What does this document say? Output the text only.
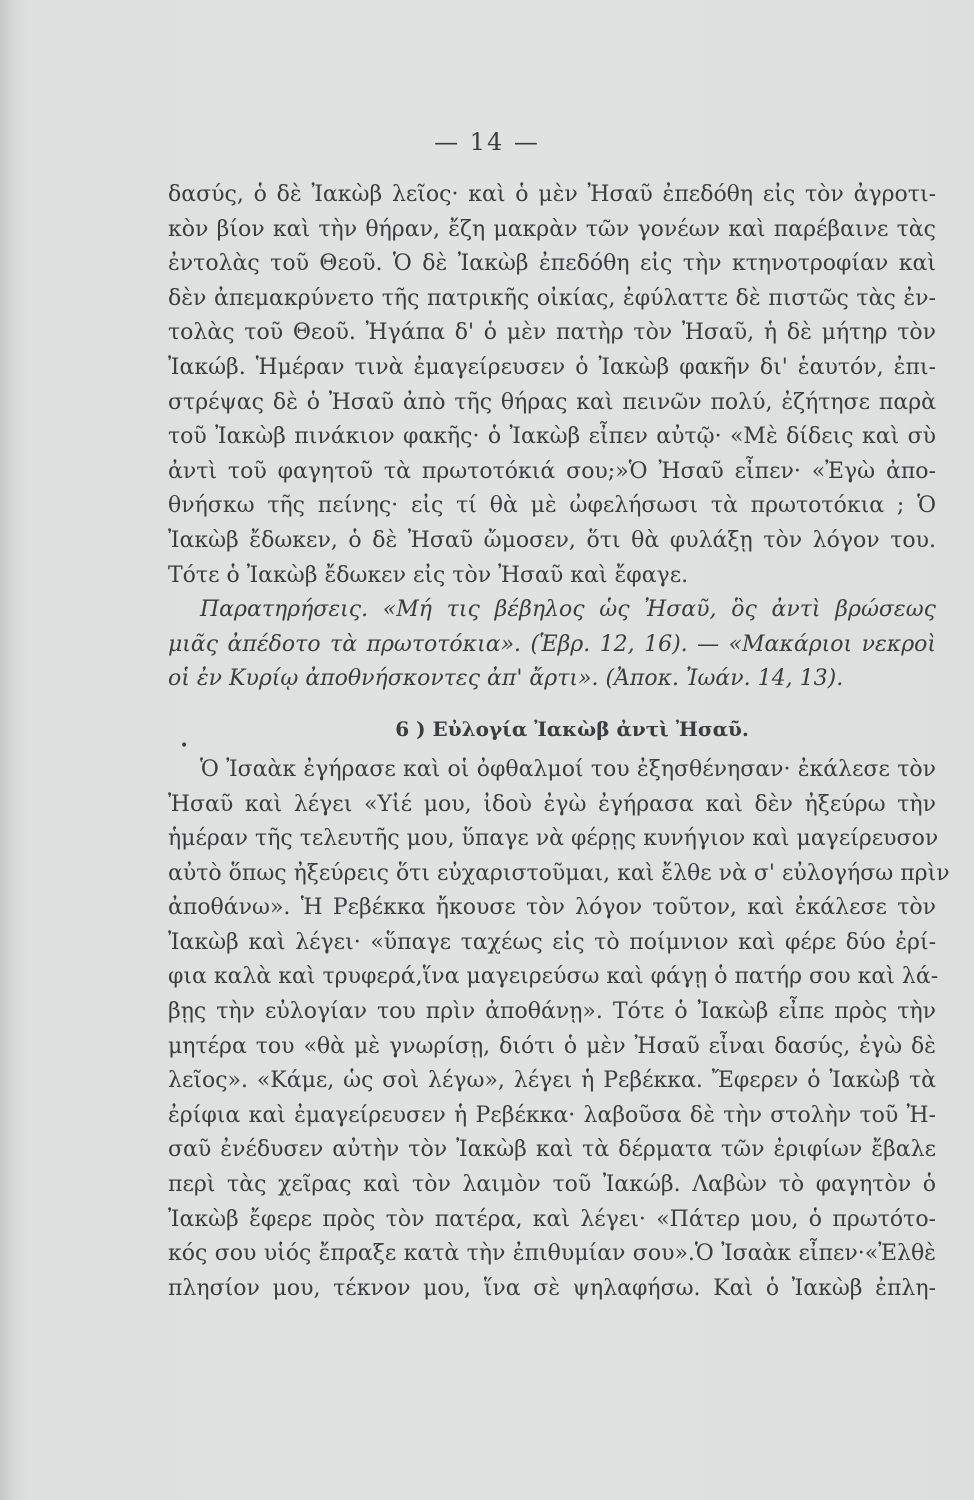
— 14 —
•
δασύς, ὁ δὲ Ἰακὼβ λεῖος· καὶ ὁ μὲν Ἠσαῦ ἐπεδόθη εἰς τὸν ἀγροτι-
κὸν βίον καὶ τὴν θήραν, ἔζη μακρὰν τῶν γονέων καὶ παρέβαινε τὰς
ἐντολὰς τοῦ Θεοῦ. Ὁ δὲ Ἰακὼβ ἐπεδόθη εἰς τὴν κτηνοτροφίαν καὶ
δὲν ἀπεμακρύνετο τῆς πατρικῆς οἰκίας, ἐφύλαττε δὲ πιστῶς τὰς ἐν-
τολὰς τοῦ Θεοῦ. Ἠγάπα δ' ὁ μὲν πατὴρ τὸν Ἠσαῦ, ἡ δὲ μήτηρ τὸν
Ἰακώβ. Ἡμέραν τινὰ ἐμαγείρευσεν ὁ Ἰακὼβ φακῆν δι' ἑαυτόν, ἐπι-
στρέψας δὲ ὁ Ἠσαῦ ἀπὸ τῆς θήρας καὶ πεινῶν πολύ, ἐζήτησε παρὰ
τοῦ Ἰακὼβ πινάκιον φακῆς· ὁ Ἰακὼβ εἶπεν αὐτῷ· «Μὲ δίδεις καὶ σὺ
ἀντὶ τοῦ φαγητοῦ τὰ πρωτοτόκιά σου;»Ὁ Ἠσαῦ εἶπεν· «Ἐγὼ ἀπο-
θνήσκω τῆς πείνης· εἰς τί θὰ μὲ ὠφελήσωσι τὰ πρωτοτόκια ; Ὁ
Ἰακὼβ ἔδωκεν, ὁ δὲ Ἠσαῦ ὤμοσεν, ὅτι θὰ φυλάξῃ τὸν λόγον του.
Τότε ὁ Ἰακὼβ ἔδωκεν εἰς τὸν Ἠσαῦ καὶ ἔφαγε.
Παρατηρήσεις. «Μή τις βέβηλος ὡς Ἠσαῦ, ὃς ἀντὶ βρώσεως
μιᾶς ἀπέδοτο τὰ πρωτοτόκια». (Ἑβρ. 12, 16). — «Μακάριοι νεκροὶ
οἱ ἐν Κυρίῳ ἀποθνήσκοντες ἀπ' ἄρτι». (Ἀποκ. Ἰωάν. 14, 13).
6 ) Εὐλογία Ἰακὼβ ἀντὶ Ἠσαῦ.
Ὁ Ἰσαὰκ ἐγήρασε καὶ οἱ ὀφθαλμοί του ἐξησθένησαν· ἐκάλεσε τὸν
Ἠσαῦ καὶ λέγει «Υἱέ μου, ἰδοὺ ἐγὼ ἐγήρασα καὶ δὲν ἠξεύρω τὴν
ἡμέραν τῆς τελευτῆς μου, ὕπαγε νὰ φέρῃς κυνήγιον καὶ μαγείρευσον
αὐτὸ ὅπως ἠξεύρεις ὅτι εὐχαριστοῦμαι, καὶ ἔλθε νὰ σ' εὐλογήσω πρὶν
ἀποθάνω». Ἡ Ρεβέκκα ἤκουσε τὸν λόγον τοῦτον, καὶ ἐκάλεσε τὸν
Ἰακὼβ καὶ λέγει· «ὕπαγε ταχέως εἰς τὸ ποίμνιον καὶ φέρε δύο ἐρί-
φια καλὰ καὶ τρυφερά,ἵνα μαγειρεύσω καὶ φάγῃ ὁ πατήρ σου καὶ λά-
βῃς τὴν εὐλογίαν του πρὶν ἀποθάνῃ». Τότε ὁ Ἰακὼβ εἶπε πρὸς τὴν
μητέρα του «θὰ μὲ γνωρίσῃ, διότι ὁ μὲν Ἠσαῦ εἶναι δασύς, ἐγὼ δὲ
λεῖος». «Κάμε, ὡς σοὶ λέγω», λέγει ἡ Ρεβέκκα. Ἔφερεν ὁ Ἰακὼβ τὰ
ἐρίφια καὶ ἐμαγείρευσεν ἡ Ρεβέκκα· λαβοῦσα δὲ τὴν στολὴν τοῦ Ἠ-
σαῦ ἐνέδυσεν αὐτὴν τὸν Ἰακὼβ καὶ τὰ δέρματα τῶν ἐριφίων ἔβαλε
περὶ τὰς χεῖρας καὶ τὸν λαιμὸν τοῦ Ἰακώβ. Λαβὼν τὸ φαγητὸν ὁ
Ἰακὼβ ἔφερε πρὸς τὸν πατέρα, καὶ λέγει· «Πάτερ μου, ὁ πρωτότο-
κός σου υἱός ἔπραξε κατὰ τὴν ἐπιθυμίαν σου».Ὁ Ἰσαὰκ εἶπεν·«Ἐλθὲ
πλησίον μου, τέκνον μου, ἵνα σὲ ψηλαφήσω. Καὶ ὁ Ἰακὼβ ἐπλη-
